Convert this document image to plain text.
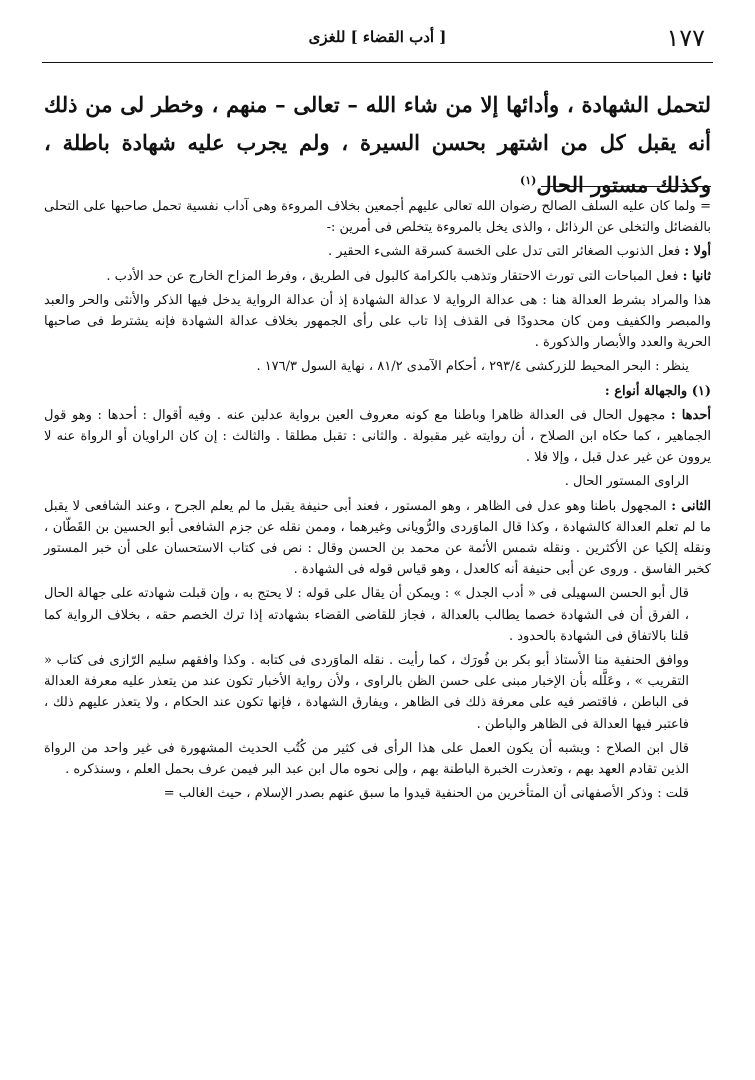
١٧٧
[ أدب القضاء ] للغزى
لتحمل الشهادة ، وأدائها إلا من شاء الله – تعالى – منهم ، وخطر لى من ذلك أنه يقبل كل من اشتهر بحسن السيرة ، ولم يجرب عليه شهادة باطلة ، وكذلك مستور الحال$^{(١)}$

= ولما كان عليه السلف الصالح رضوان الله تعالى عليهم أجمعين بخلاف المروءة وهى آداب نفسية تحمل صاحبها على التحلى بالفضائل والتخلى عن الرذائل ، والذى يخل بالمروءة يتخلص فى أمرين :-

أولا : فعل الذنوب الصغائر التى تدل على الخسة كسرقة الشىء الحقير .

ثانيا : فعل المباحات التى تورث الاحتقار وتذهب بالكرامة كالبول فى الطريق ، وفرط المزاح الخارج عن حد الأدب .

هذا والمراد بشرط العدالة هنا : هى عدالة الرواية لا عدالة الشهادة إذ أن عدالة الرواية يدخل فيها الذكر والأنثى والحر والعبد والمبصر والكفيف ومن كان محدودًا فى القذف إذا تاب على رأى الجمهور بخلاف عدالة الشهادة فإنه يشترط فى صاحبها الحرية والعدد والأبصار والذكورة .

ينظر : البحر المحيط للزركشى ٢٩٣/٤ ، أحكام الآمدى ٨١/٢ ، نهاية السول ١٧٦/٣ .

(١) والجهالة أنواع :

أحدها : مجهول الحال فى العدالة ظاهرا وباطنا مع كونه معروف العين برواية عدلين عنه . وفيه أقوال : أحدها : وهو قول الجماهير ، كما حكاه ابن الصلاح ، أن روايته غير مقبولة . والثانى : تقبل مطلقا . والثالث : إن كان الراويان أو الرواة عنه لا يروون عن غير عدل قبل ، وإلا فلا .

الراوى المستور الحال .

الثانى : المجهول باطنا وهو عدل فى الظاهر ، وهو المستور ، فعند أبى حنيفة يقبل ما لم يعلم الجرح ، وعند الشافعى لا يقبل ما لم تعلم العدالة كالشهادة ، وكذا قال الماوَردى والرُّويانى وغيرهما ، وممن نقله عن جزم الشافعى أبو الحسين بن القَطّان ، ونقله إلكيا عن الأكثرين . ونقله شمس الأئمة عن محمد بن الحسن وقال : نص فى كتاب الاستحسان على أن خبر المستور كخبر الفاسق . وروى عن أبى حنيفة أنه كالعدل ، وهو قياس قوله فى الشهادة .

قال أبو الحسن السهيلى فى « أدب الجدل » : ويمكن أن يقال على قوله : لا يحتج به ، وإن قبلت شهادته على جهالة الحال ، الفرق أن فى الشهادة خصما يطالب بالعدالة ، فجاز للقاضى القضاء بشهادته إذا ترك الخصم حقه ، بخلاف الرواية كما قلنا بالاتفاق فى الشهادة بالحدود .

ووافق الحنفية منا الأستاذ أبو بكر بن فُورَك ، كما رأيت . نقله الماوَردى فى كتابه . وكذا وافقهم سليم الرّازى فى كتاب « التقريب » ، وعَلَّله بأن الإخبار مبنى على حسن الظن بالراوى ، ولأن رواية الأخبار تكون عند من يتعذر عليه معرفة العدالة فى الباطن ، فاقتصر فيه على معرفة ذلك فى الظاهر ، ويفارق الشهادة ، فإنها تكون عند الحكام ، ولا يتعذر عليهم ذلك ، فاعتبر فيها العدالة فى الظاهر والباطن .

قال ابن الصلاح : ويشبه أن يكون العمل على هذا الرأى فى كثير من كُتُب الحديث المشهورة فى غير واحد من الرواة الذين تقادم العهد بهم ، وتعذرت الخبرة الباطنة بهم ، وإلى نحوه مال ابن عبد البر فيمن عرف بحمل العلم ، وسنذكره .

قلت : وذكر الأصفهانى أن المتأخرين من الحنفية قيدوا ما سبق عنهم بصدر الإسلام ، حيث الغالب =
